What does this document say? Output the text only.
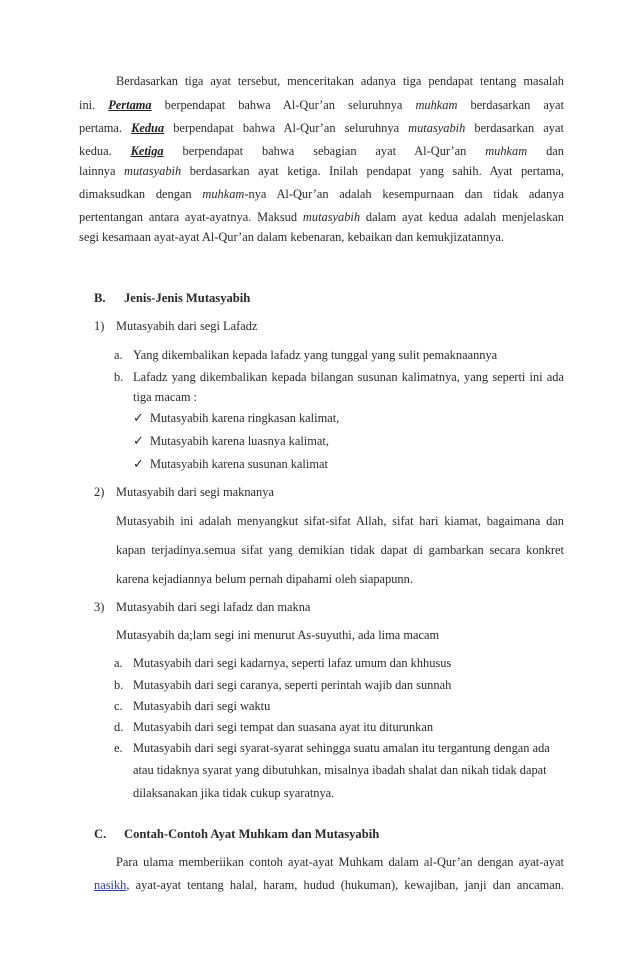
Berdasarkan tiga ayat tersebut, menceritakan adanya tiga pendapat tentang masalah
ini. Pertama berpendapat bahwa Al-Qur’an seluruhnya muhkam berdasarkan ayat
pertama. Kedua berpendapat bahwa Al-Qur’an seluruhnya mutasyabih berdasarkan ayat
kedua. Ketiga berpendapat bahwa sebagian ayat Al-Qur’an muhkam dan
lainnya mutasyabih berdasarkan ayat ketiga. Inilah pendapat yang sahih. Ayat pertama,
dimaksudkan dengan muhkam-nya Al-Qur’an adalah kesempurnaan dan tidak adanya
pertentangan antara ayat-ayatnya. Maksud mutasyabih dalam ayat kedua adalah menjelaskan
segi kesamaan ayat-ayat Al-Qur’an dalam kebenaran, kebaikan dan kemukjizatannya.
B. Jenis-Jenis Mutasyabih
1) Mutasyabih dari segi Lafadz
a. Yang dikembalikan kepada lafadz yang tunggal yang sulit pemaknaannya
b. Lafadz yang dikembalikan kepada bilangan susunan kalimatnya, yang seperti ini ada
tiga macam :
✓ Mutasyabih karena ringkasan kalimat,
✓ Mutasyabih karena luasnya kalimat,
✓ Mutasyabih karena susunan kalimat
2) Mutasyabih dari segi maknanya
Mutasyabih ini adalah menyangkut sifat-sifat Allah, sifat hari kiamat, bagaimana dan
kapan terjadinya.semua sifat yang demikian tidak dapat di gambarkan secara konkret
karena kejadiannya belum pernah dipahami oleh siapapunn.
3) Mutasyabih dari segi lafadz dan makna
Mutasyabih da;lam segi ini menurut As-suyuthi, ada lima macam
a. Mutasyabih dari segi kadarnya, seperti lafaz umum dan khhusus
b. Mutasyabih dari segi caranya, seperti perintah wajib dan sunnah
c. Mutasyabih dari segi waktu
d. Mutasyabih dari segi tempat dan suasana ayat itu diturunkan
e. Mutasyabih dari segi syarat-syarat sehingga suatu amalan itu tergantung dengan ada
atau tidaknya syarat yang dibutuhkan, misalnya ibadah shalat dan nikah tidak dapat
dilaksanakan jika tidak cukup syaratnya.
C. Contah-Contoh Ayat Muhkam dan Mutasyabih
Para ulama memberiikan contoh ayat-ayat Muhkam dalam al-Qur’an dengan ayat-ayat
nasikh, ayat-ayat tentang halal, haram, hudud (hukuman), kewajiban, janji dan ancaman.
